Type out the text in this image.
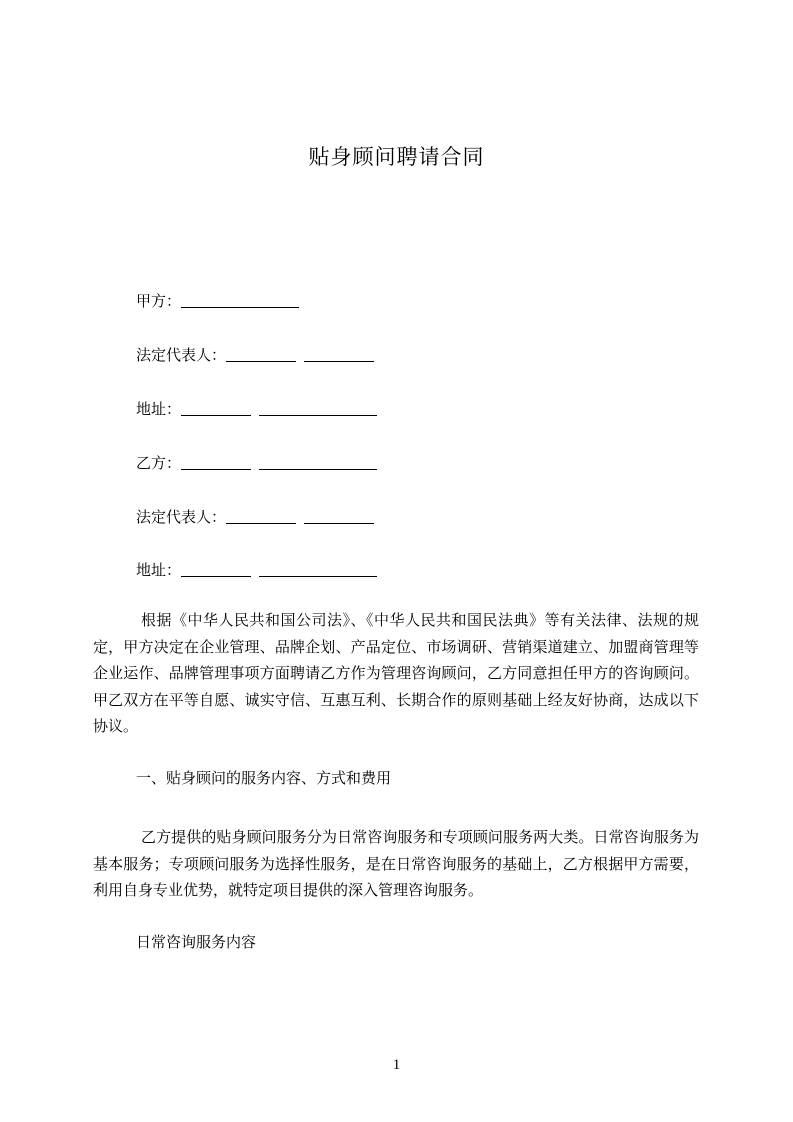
贴身顾问聘请合同
甲方：
法定代表人：
地址：
乙方：
法定代表人：
地址：
根据《中华人民共和国公司法》、《中华人民共和国民法典》等有关法律、法规的规定，甲方决定在企业管理、品牌企划、产品定位、市场调研、营销渠道建立、加盟商管理等企业运作、品牌管理事项方面聘请乙方作为管理咨询顾问，乙方同意担任甲方的咨询顾问。甲乙双方在平等自愿、诚实守信、互惠互利、长期合作的原则基础上经友好协商，达成以下协议。
一、贴身顾问的服务内容、方式和费用
乙方提供的贴身顾问服务分为日常咨询服务和专项顾问服务两大类。日常咨询服务为基本服务；专项顾问服务为选择性服务，是在日常咨询服务的基础上，乙方根据甲方需要，利用自身专业优势，就特定项目提供的深入管理咨询服务。
日常咨询服务内容
1
